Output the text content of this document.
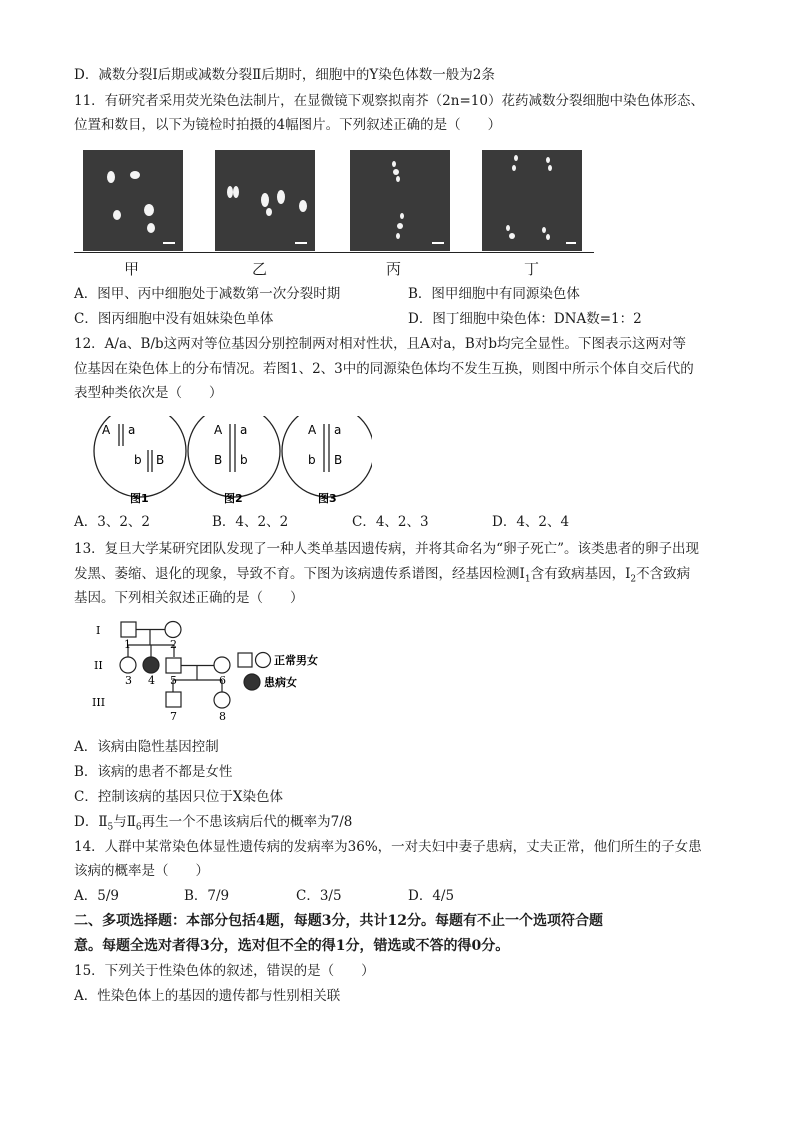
D．减数分裂Ⅰ后期或减数分裂Ⅱ后期时，细胞中的Y染色体数一般为2条
11．有研究者采用荧光染色法制片，在显微镜下观察拟南芥（2n=10）花药减数分裂细胞中染色体形态、
位置和数目，以下为镜检时拍摄的4幅图片。下列叙述正确的是（　　）
甲	乙	丙	丁
A．图甲、丙中细胞处于减数第一次分裂时期	B．图甲细胞中有同源染色体
C．图丙细胞中没有姐妹染色单体	D．图丁细胞中染色体：DNA数=1：2
12．A/a、B/b这两对等位基因分别控制两对相对性状，且A对a，B对b均完全显性。下图表示这两对等
位基因在染色体上的分布情况。若图1、2、3中的同源染色体均不发生互换，则图中所示个体自交后代的
表型种类依次是（　　）
A a
b B
A a
B b
A a
b B
图1	图2	图3
A．3、2、2	B．4、2、2	C．4、2、3	D．4、2、4
13．复旦大学某研究团队发现了一种人类单基因遗传病，并将其命名为“卵子死亡”。该类患者的卵子出现
发黑、萎缩、退化的现象，导致不育。下图为该病遗传系谱图，经基因检测$Ⅰ_1$含有致病基因，$Ⅰ_2$不含致病
基因。下列相关叙述正确的是（　　）
I
II
III
1	2
3 4 5	6
7	8
正常男女
患病女
A．该病由隐性基因控制
B．该病的患者不都是女性
C．控制该病的基因只位于X染色体
D．$Ⅱ_5$与$Ⅱ_6$再生一个不患该病后代的概率为7/8
14．人群中某常染色体显性遗传病的发病率为36%，一对夫妇中妻子患病，丈夫正常，他们所生的子女患
该病的概率是（　　）
A．5/9	B．7/9	C．3/5	D．4/5
二、多项选择题：本部分包括4题，每题3分，共计12分。每题有不止一个选项符合题
意。每题全选对者得3分，选对但不全的得1分，错选或不答的得0分。
15．下列关于性染色体的叙述，错误的是（　　）
A．性染色体上的基因的遗传都与性别相关联
